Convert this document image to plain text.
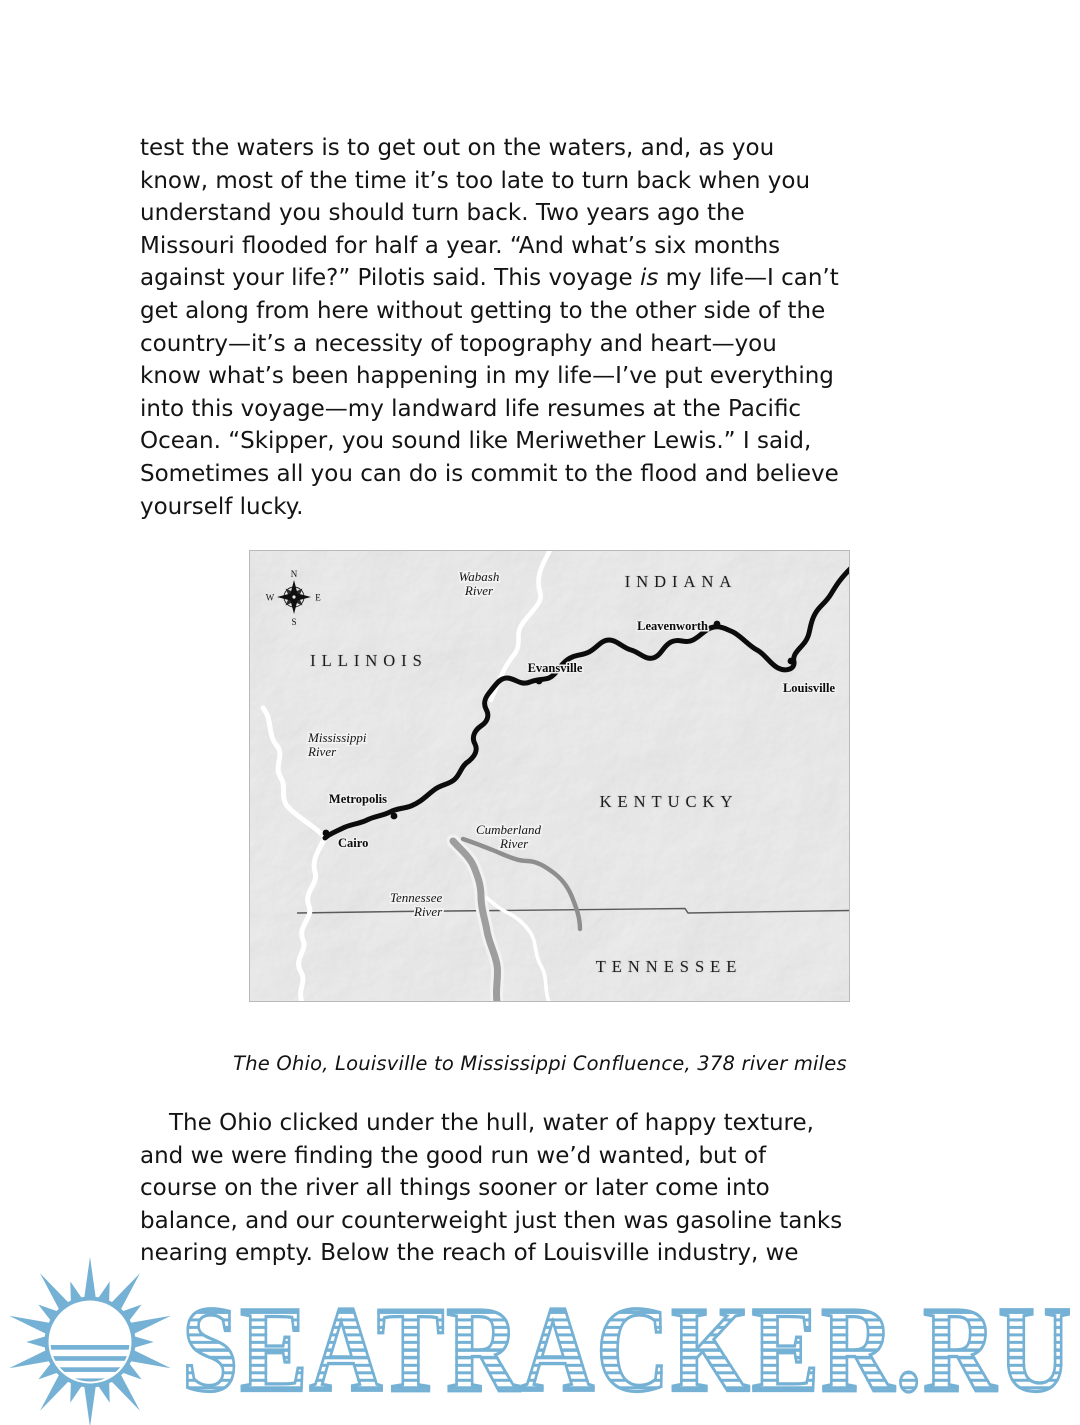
test the waters is to get out on the waters, and, as you
know, most of the time it’s too late to turn back when you
understand you should turn back. Two years ago the
Missouri flooded for half a year. “And what’s six months
against your life?” Pilotis said. This voyage is my life—I can’t
get along from here without getting to the other side of the
country—it’s a necessity of topography and heart—you
know what’s been happening in my life—I’ve put everything
into this voyage—my landward life resumes at the Pacific
Ocean. “Skipper, you sound like Meriwether Lewis.” I said,
Sometimes all you can do is commit to the flood and believe
yourself lucky.
N
E
S
W
ILLINOIS
INDIANA
KENTUCKY
TENNESSEE
Wabash
River
Mississippi
River
Cumberland
River
Tennessee
River
Leavenworth
Louisville
Evansville
Metropolis
Cairo
The Ohio, Louisville to Mississippi Confluence, 378 river miles
The Ohio clicked under the hull, water of happy texture,
and we were finding the good run we’d wanted, but of
course on the river all things sooner or later come into
balance, and our counterweight just then was gasoline tanks
nearing empty. Below the reach of Louisville industry, we
SEATRACKER.RU
